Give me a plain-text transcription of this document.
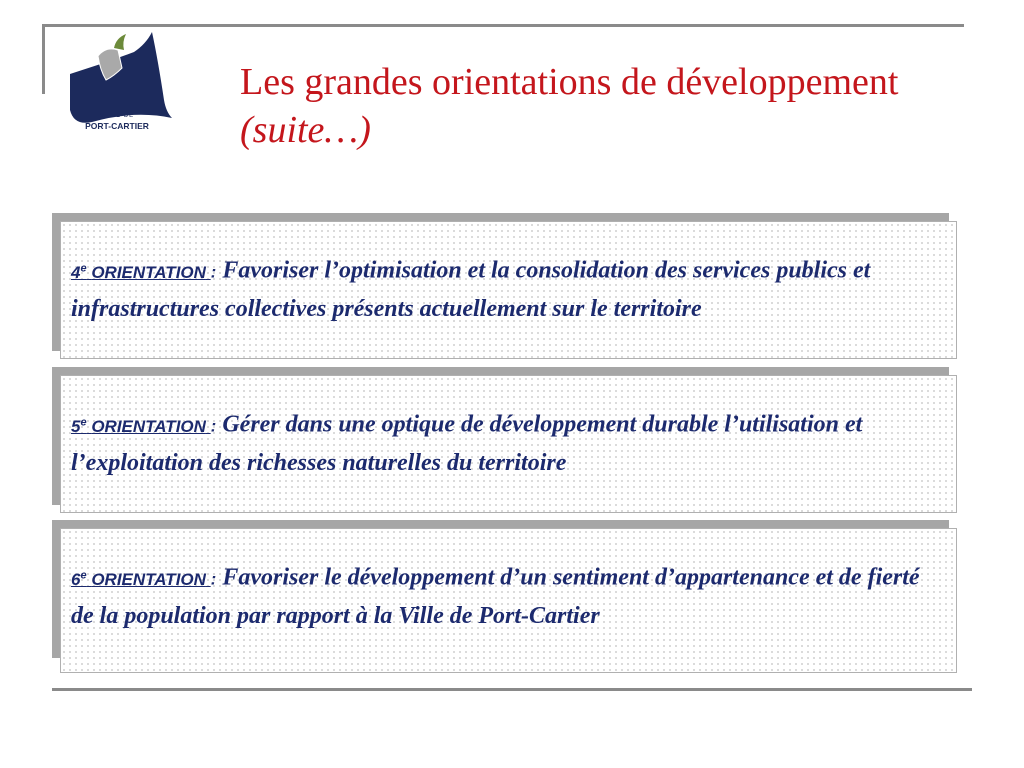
VILLE DE
PORT-CARTIER
Les grandes orientations de développement (suite…)
4e ORIENTATION : Favoriser l’optimisation et la consolidation des services publics et infrastructures collectives présents actuellement sur le territoire
5e ORIENTATION : Gérer dans une optique de développement durable l’utilisation et l’exploitation des richesses naturelles du territoire
6e ORIENTATION : Favoriser le développement d’un sentiment d’appartenance et de fierté de la population par rapport à la Ville de Port-Cartier
